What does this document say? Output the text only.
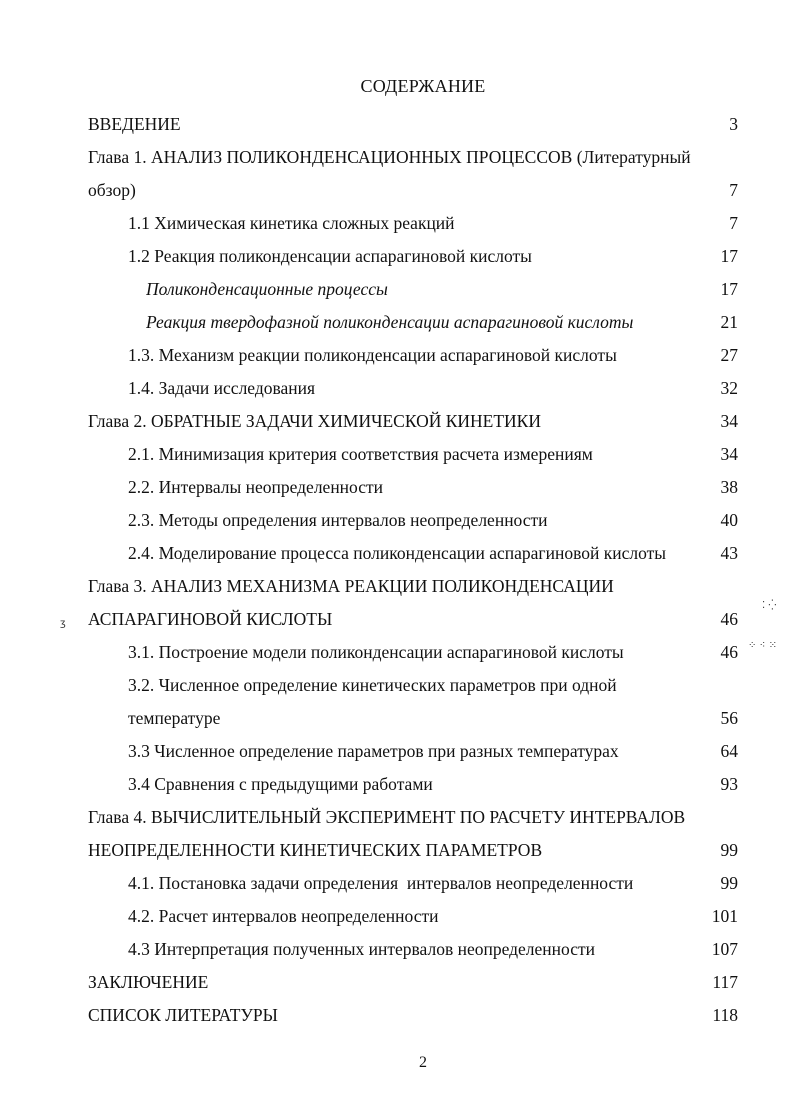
СОДЕРЖАНИЕ
ВВЕДЕНИЕ	3
Глава 1. АНАЛИЗ ПОЛИКОНДЕНСАЦИОННЫХ ПРОЦЕССОВ (Литературный
обзор)	7
1.1 Химическая кинетика сложных реакций	7
1.2 Реакция поликонденсации аспарагиновой кислоты	17
Поликонденсационные процессы	17
Реакция твердофазной поликонденсации аспарагиновой кислоты	21
1.3. Механизм реакции поликонденсации аспарагиновой кислоты	27
1.4. Задачи исследования	32
Глава 2. ОБРАТНЫЕ ЗАДАЧИ ХИМИЧЕСКОЙ КИНЕТИКИ	34
2.1. Минимизация критерия соответствия расчета измерениям	34
2.2. Интервалы неопределенности	38
2.3. Методы определения интервалов неопределенности	40
2.4. Моделирование процесса поликонденсации аспарагиновой кислоты	43
Глава 3. АНАЛИЗ МЕХАНИЗМА РЕАКЦИИ ПОЛИКОНДЕНСАЦИИ
АСПАРАГИНОВОЙ КИСЛОТЫ	46
3.1. Построение модели поликонденсации аспарагиновой кислоты	46
3.2. Численное определение кинетических параметров при одной
температуре	56
3.3 Численное определение параметров при разных температурах	64
3.4 Сравнения с предыдущими работами	93
Глава 4. ВЫЧИСЛИТЕЛЬНЫЙ ЭКСПЕРИМЕНТ ПО РАСЧЕТУ ИНТЕРВАЛОВ
НЕОПРЕДЕЛЕННОСТИ КИНЕТИЧЕСКИХ ПАРАМЕТРОВ	99
4.1. Постановка задачи определения  интервалов неопределенности	99
4.2. Расчет интервалов неопределенности	101
4.3 Интерпретация полученных интервалов неопределенности	107
ЗАКЛЮЧЕНИЕ	117
СПИСОК ЛИТЕРАТУРЫ	118
⁚ ⁛
⁘ ⁖ ⁙
ʒ
2
